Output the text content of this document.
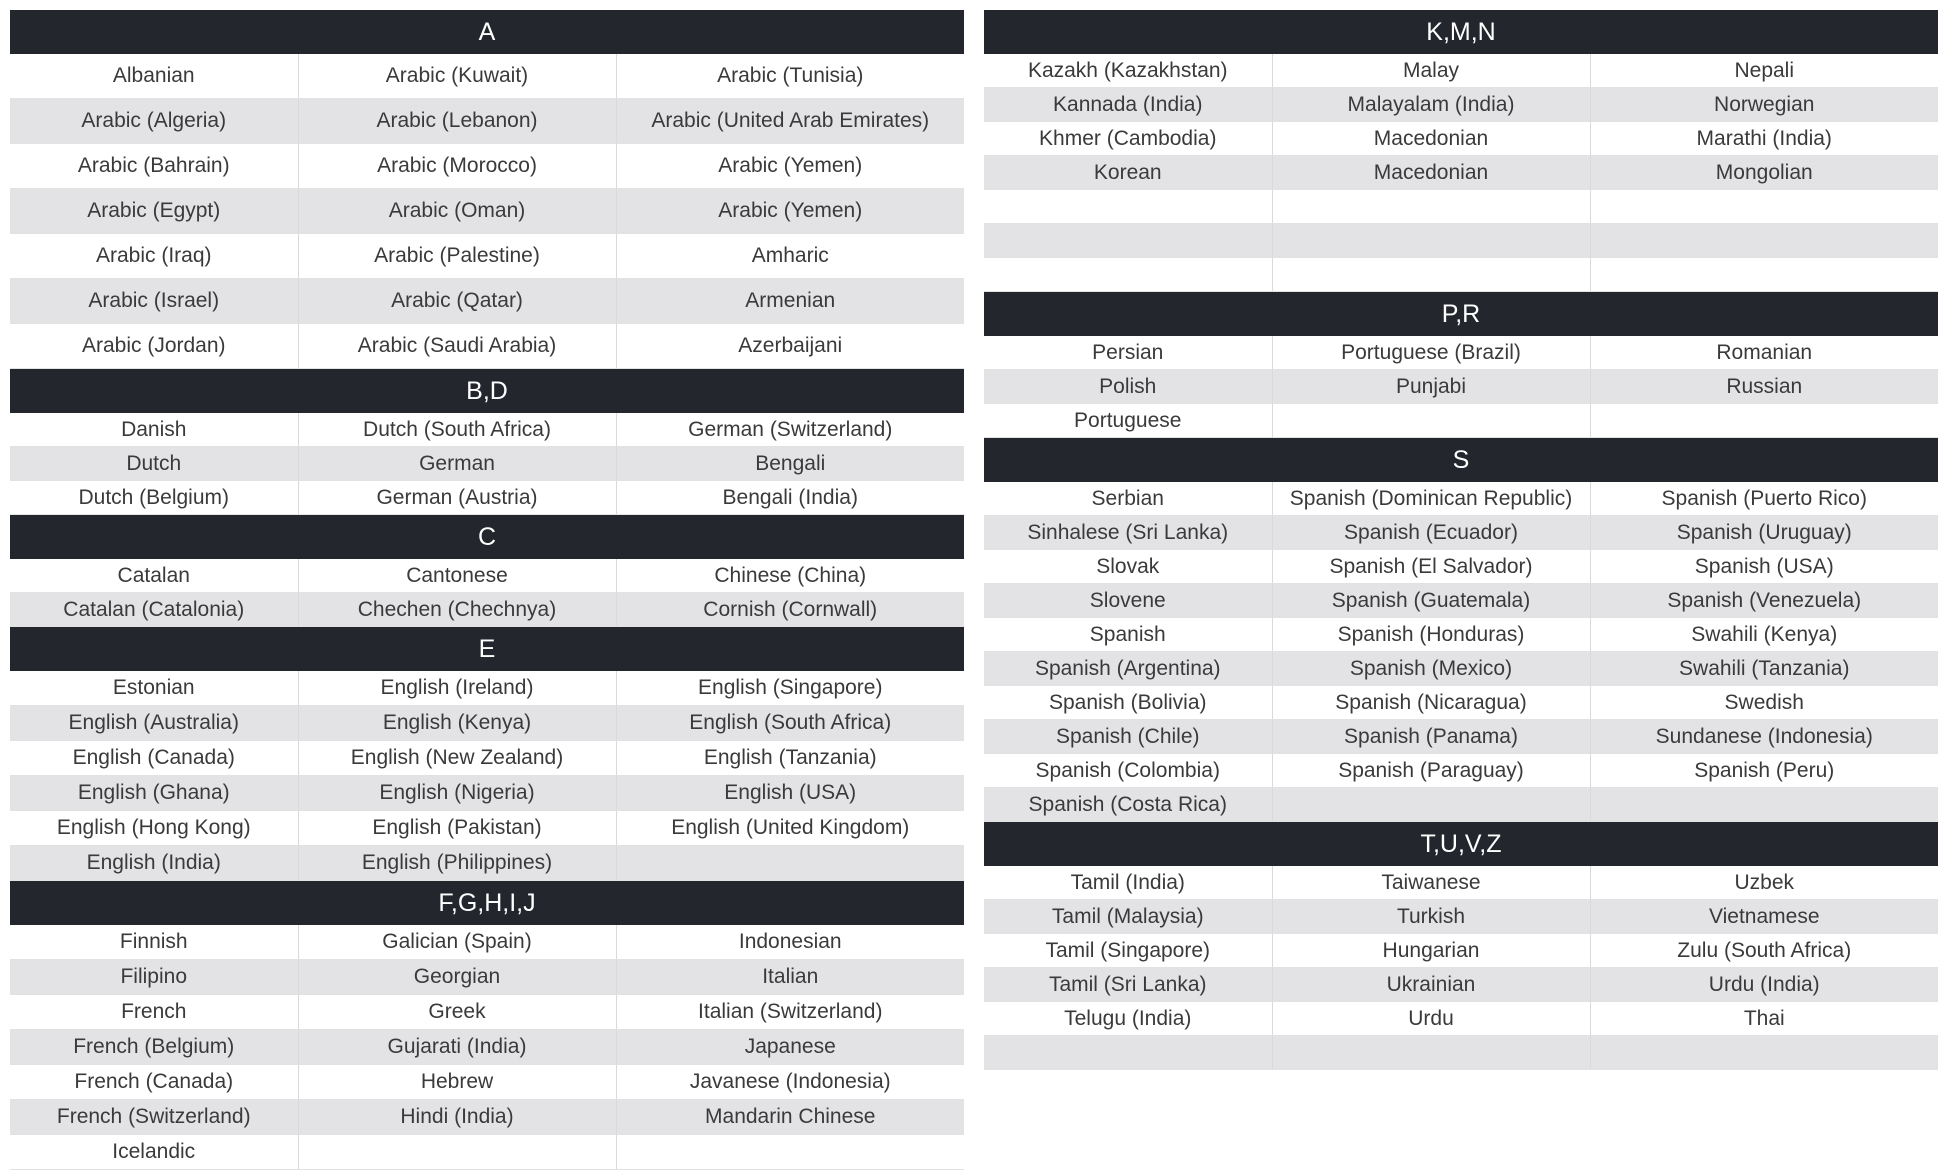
A
Albanian	Arabic (Kuwait)	Arabic (Tunisia)
Arabic (Algeria)	Arabic (Lebanon)	Arabic (United Arab Emirates)
Arabic (Bahrain)	Arabic (Morocco)	Arabic (Yemen)
Arabic (Egypt)	Arabic (Oman)	Arabic (Yemen)
Arabic (Iraq)	Arabic (Palestine)	Amharic
Arabic (Israel)	Arabic (Qatar)	Armenian
Arabic (Jordan)	Arabic (Saudi Arabia)	Azerbaijani
B,D
Danish	Dutch (South Africa)	German (Switzerland)
Dutch	German	Bengali
Dutch (Belgium)	German (Austria)	Bengali (India)
C
Catalan	Cantonese	Chinese (China)
Catalan (Catalonia)	Chechen (Chechnya)	Cornish (Cornwall)
E
Estonian	English (Ireland)	English (Singapore)
English (Australia)	English (Kenya)	English (South Africa)
English (Canada)	English (New Zealand)	English (Tanzania)
English (Ghana)	English (Nigeria)	English (USA)
English (Hong Kong)	English (Pakistan)	English (United Kingdom)
English (India)	English (Philippines)	
F,G,H,I,J
Finnish	Galician (Spain)	Indonesian
Filipino	Georgian	Italian
French	Greek	Italian (Switzerland)
French (Belgium)	Gujarati (India)	Japanese
French (Canada)	Hebrew	Javanese (Indonesia)
French (Switzerland)	Hindi (India)	Mandarin Chinese
Icelandic		
K,M,N
Kazakh (Kazakhstan)	Malay	Nepali
Kannada (India)	Malayalam (India)	Norwegian
Khmer (Cambodia)	Macedonian	Marathi (India)
Korean	Macedonian	Mongolian

P,R
Persian	Portuguese (Brazil)	Romanian
Polish	Punjabi	Russian
Portuguese		
S
Serbian	Spanish (Dominican Republic)	Spanish (Puerto Rico)
Sinhalese (Sri Lanka)	Spanish (Ecuador)	Spanish (Uruguay)
Slovak	Spanish (El Salvador)	Spanish (USA)
Slovene	Spanish (Guatemala)	Spanish (Venezuela)
Spanish	Spanish (Honduras)	Swahili (Kenya)
Spanish (Argentina)	Spanish (Mexico)	Swahili (Tanzania)
Spanish (Bolivia)	Spanish (Nicaragua)	Swedish
Spanish (Chile)	Spanish (Panama)	Sundanese (Indonesia)
Spanish (Colombia)	Spanish (Paraguay)	Spanish (Peru)
Spanish (Costa Rica)		
T,U,V,Z
Tamil (India)	Taiwanese	Uzbek
Tamil (Malaysia)	Turkish	Vietnamese
Tamil (Singapore)	Hungarian	Zulu (South Africa)
Tamil (Sri Lanka)	Ukrainian	Urdu (India)
Telugu (India)	Urdu	Thai
